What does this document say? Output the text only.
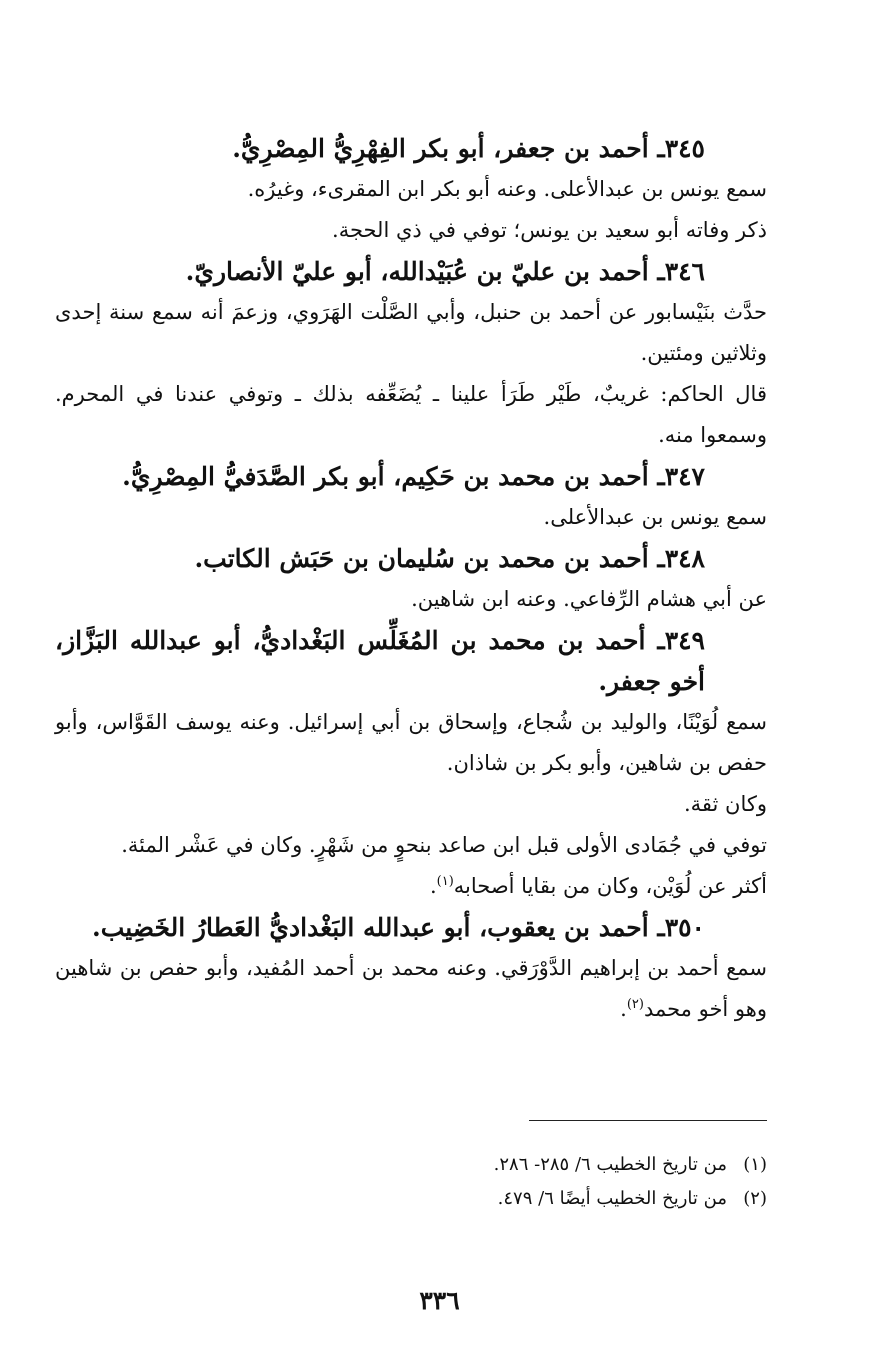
٣٤٥ـ أحمد بن جعفر، أبو بكر الفِهْرِيُّ المِصْرِيُّ.

سمع يونس بن عبدالأعلى. وعنه أبو بكر ابن المقرىء، وغيرُه.

ذكر وفاته أبو سعيد بن يونس؛ توفي في ذي الحجة.

٣٤٦ـ أحمد بن عليّ بن عُبَيْدالله، أبو عليّ الأنصاريّ.

حدَّث بنَيْسابور عن أحمد بن حنبل، وأبي الصَّلْت الهَرَوي، وزعمَ أنه سمع سنة إحدى وثلاثين ومئتين.

قال الحاكم: غريبٌ، طَيْر طَرَأ علينا ـ يُضَعِّفه بذلك ـ وتوفي عندنا في المحرم. وسمعوا منه.

٣٤٧ـ أحمد بن محمد بن حَكِيم، أبو بكر الصَّدَفيُّ المِصْرِيُّ.

سمع يونس بن عبدالأعلى.

٣٤٨ـ أحمد بن محمد بن سُليمان بن حَبَش الكاتب.

عن أبي هشام الرِّفاعي. وعنه ابن شاهين.

٣٤٩ـ أحمد بن محمد بن المُغَلِّس البَغْداديُّ، أبو عبدالله البَزَّاز، أخو جعفر.

سمع لُوَيْنًا، والوليد بن شُجاع، وإسحاق بن أبي إسرائيل. وعنه يوسف القَوَّاس، وأبو حفص بن شاهين، وأبو بكر بن شاذان.

وكان ثقة.

توفي في جُمَادى الأولى قبل ابن صاعد بنحوٍ من شَهْرٍ. وكان في عَشْر المئة.

أكثر عن لُوَيْن، وكان من بقايا أصحابه$^{(١)}$.

٣٥٠ـ أحمد بن يعقوب، أبو عبدالله البَغْداديُّ العَطارُ الخَضِيب.

سمع أحمد بن إبراهيم الدَّوْرَقي. وعنه محمد بن أحمد المُفيد، وأبو حفص بن شاهين وهو أخو محمد$^{(٢)}$.

(١)من تاريخ الخطيب ٦/ ٢٨٥- ٢٨٦.

(٢)من تاريخ الخطيب أيضًا ٦/ ٤٧٩.

٣٣٦
